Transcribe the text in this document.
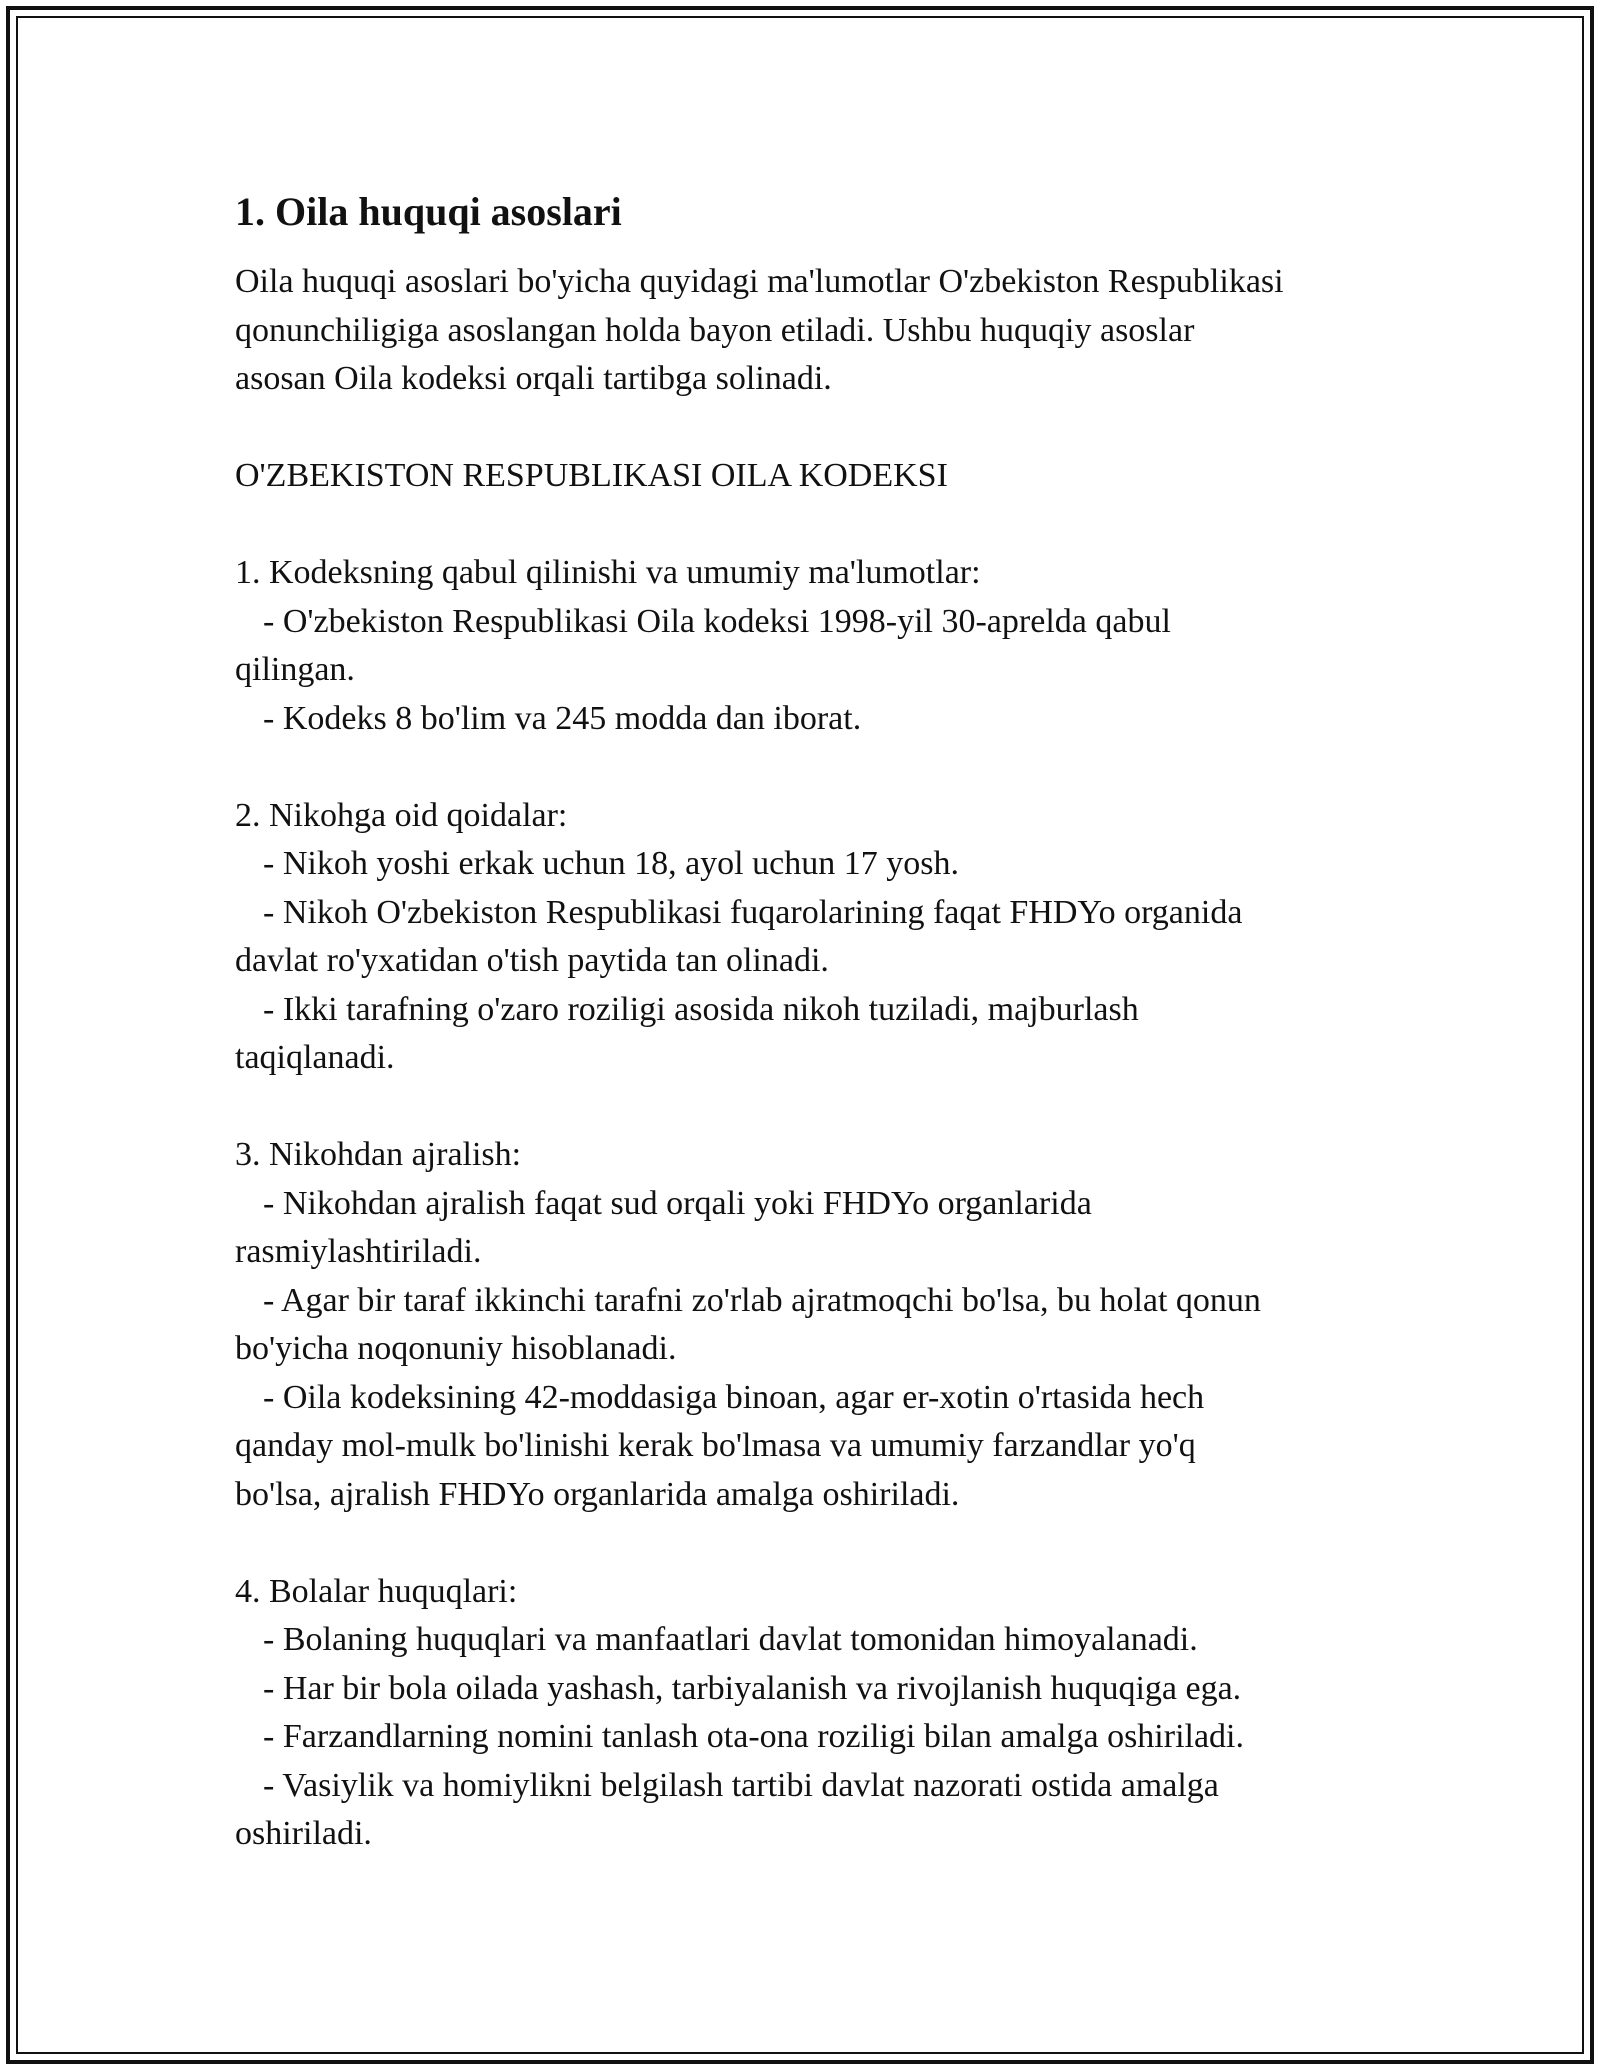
1. Oila huquqi asoslari

Oila huquqi asoslari bo'yicha quyidagi ma'lumotlar O'zbekiston Respublikasi
qonunchiligiga asoslangan holda bayon etiladi. Ushbu huquqiy asoslar
asosan Oila kodeksi orqali tartibga solinadi.

O'ZBEKISTON RESPUBLIKASI OILA KODEKSI

1. Kodeksning qabul qilinishi va umumiy ma'lumotlar:

- O'zbekiston Respublikasi Oila kodeksi 1998-yil 30-aprelda qabul
qilingan.

- Kodeks 8 bo'lim va 245 modda dan iborat.

2. Nikohga oid qoidalar:

- Nikoh yoshi erkak uchun 18, ayol uchun 17 yosh.

- Nikoh O'zbekiston Respublikasi fuqarolarining faqat FHDYo organida
davlat ro'yxatidan o'tish paytida tan olinadi.

- Ikki tarafning o'zaro roziligi asosida nikoh tuziladi, majburlash
taqiqlanadi.

3. Nikohdan ajralish:

- Nikohdan ajralish faqat sud orqali yoki FHDYo organlarida
rasmiylashtiriladi.

- Agar bir taraf ikkinchi tarafni zo'rlab ajratmoqchi bo'lsa, bu holat qonun
bo'yicha noqonuniy hisoblanadi.

- Oila kodeksining 42-moddasiga binoan, agar er-xotin o'rtasida hech
qanday mol-mulk bo'linishi kerak bo'lmasa va umumiy farzandlar yo'q
bo'lsa, ajralish FHDYo organlarida amalga oshiriladi.

4. Bolalar huquqlari:

- Bolaning huquqlari va manfaatlari davlat tomonidan himoyalanadi.

- Har bir bola oilada yashash, tarbiyalanish va rivojlanish huquqiga ega.

- Farzandlarning nomini tanlash ota-ona roziligi bilan amalga oshiriladi.

- Vasiylik va homiylikni belgilash tartibi davlat nazorati ostida amalga
oshiriladi.
